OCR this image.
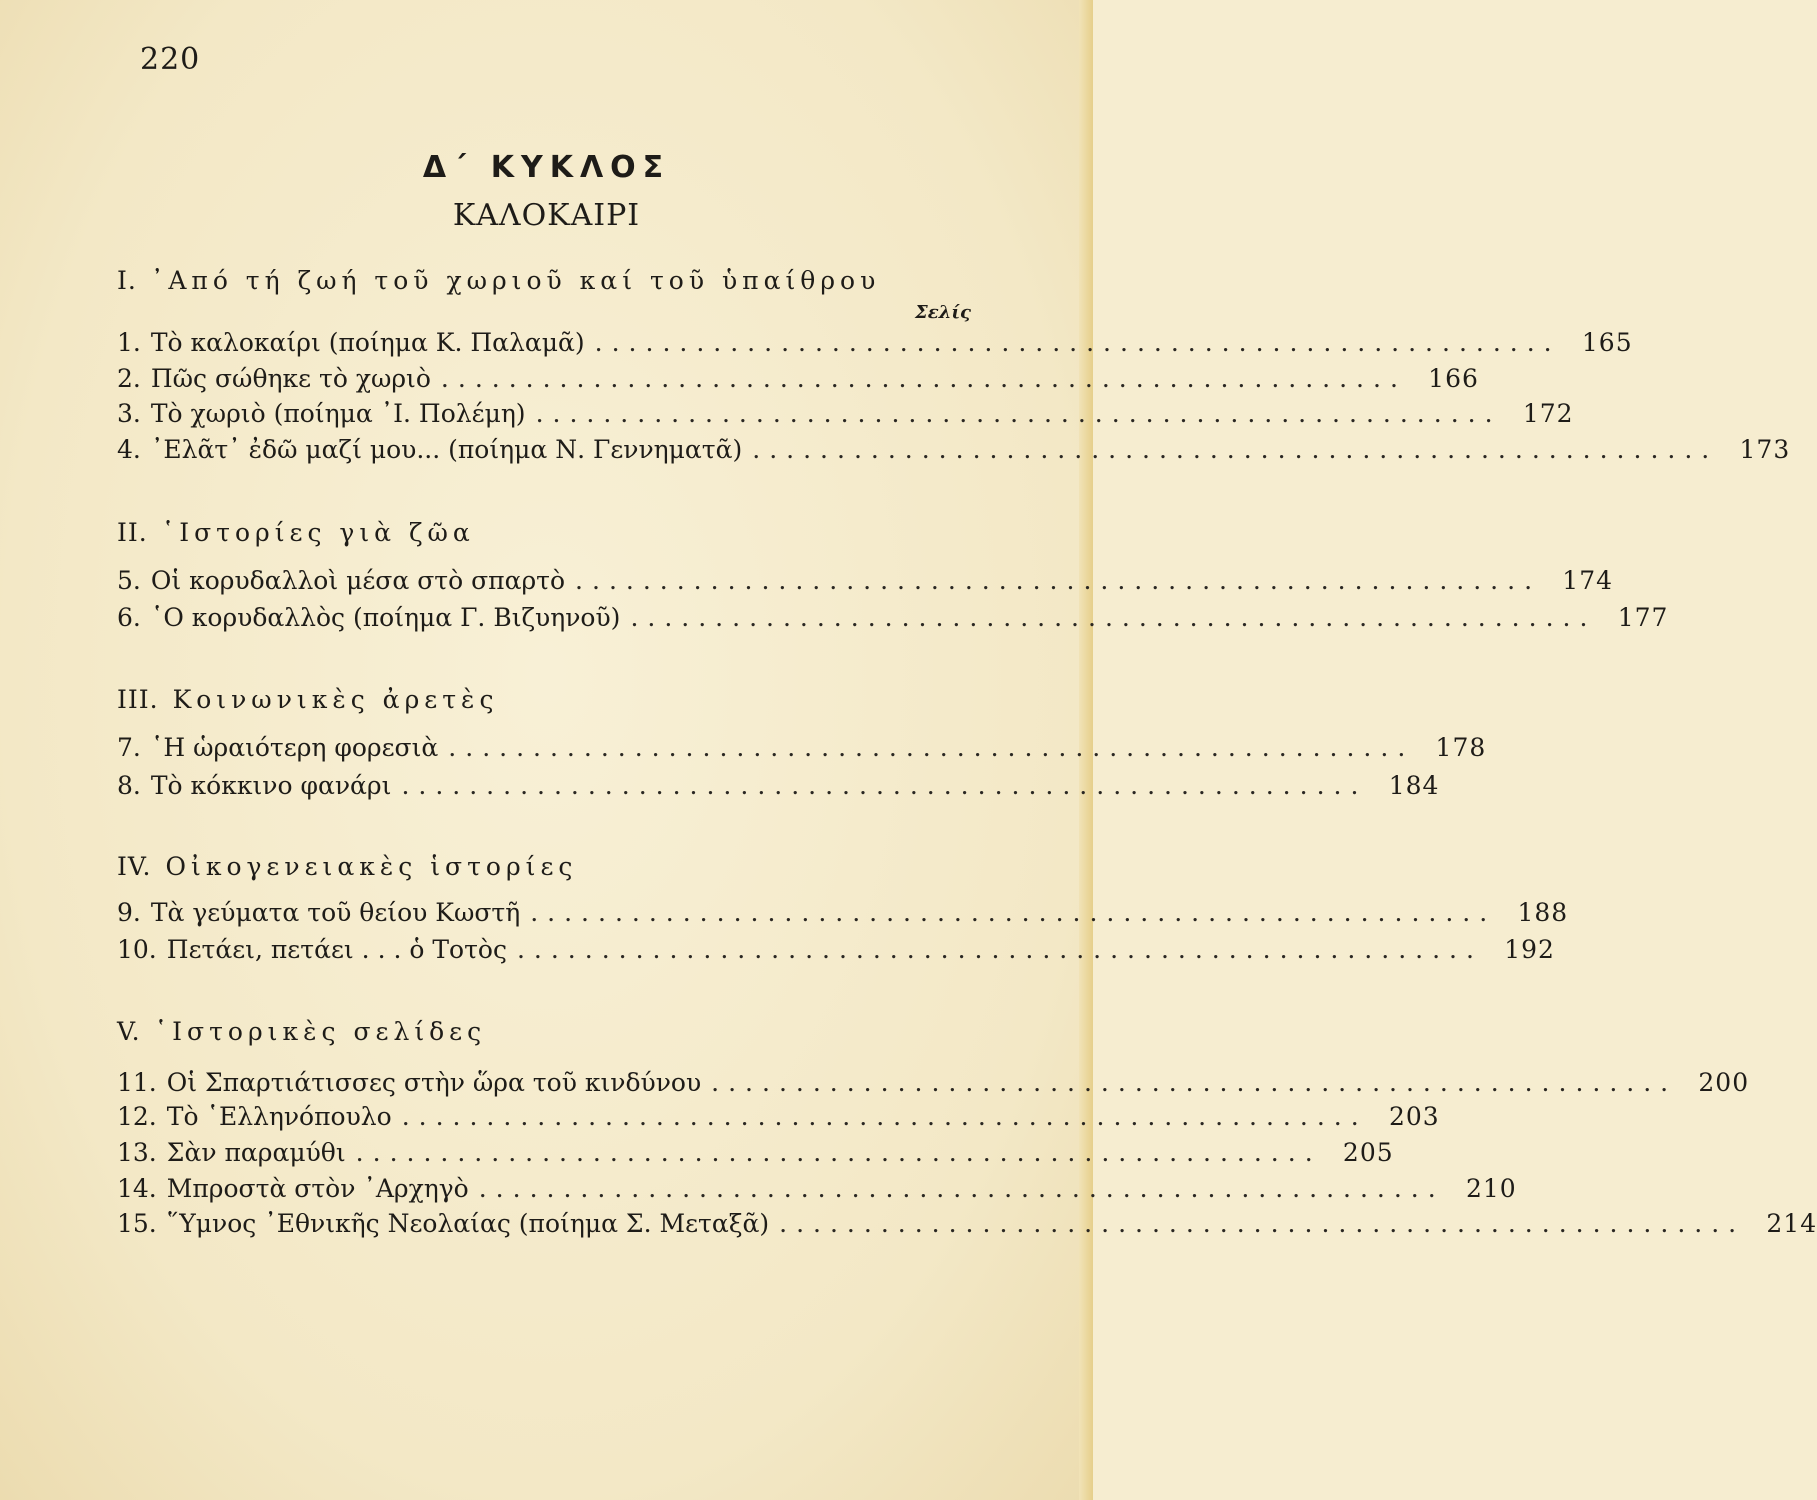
220
Δ΄ ΚΥΚΛΟΣ
ΚΑΛΟΚΑΙΡΙ
I. ᾿Από τή ζωή τοῦ χωριοῦ καί τοῦ ὑπαίθρου
Σελίς
1. Τὸ καλοκαίρι (ποίημα Κ. Παλαμᾶ) ......................................................... 165
2. Πῶς σώθηκε τὸ χωριὸ ......................................................... 166
3. Τὸ χωριὸ (ποίημα ᾿Ι. Πολέμη) ......................................................... 172
4. ᾿Ελᾶτ᾿ ἐδῶ μαζί μου... (ποίημα Ν. Γεννηματᾶ) ......................................................... 173
II. ῾Ιστορίες γιὰ ζῶα
5. Οἱ κορυδαλλοὶ μέσα στὸ σπαρτὸ ......................................................... 174
6. ῾Ο κορυδαλλὸς (ποίημα Γ. Βιζυηνοῦ) ......................................................... 177
III. Κοινωνικὲς ἀρετὲς
7. ῾Η ὡραιότερη φορεσιὰ ......................................................... 178
8. Τὸ κόκκινο φανάρι ......................................................... 184
IV. Οἰκογενειακὲς ἱστορίες
9. Τὰ γεύματα τοῦ θείου Κωστῆ ......................................................... 188
10. Πετάει, πετάει . . . ὁ Τοτὸς ......................................................... 192
V. ῾Ιστορικὲς σελίδες
11. Οἱ Σπαρτιάτισσες στὴν ὥρα τοῦ κινδύνου ......................................................... 200
12. Τὸ ῾Ελληνόπουλο ......................................................... 203
13. Σὰν παραμύθι ......................................................... 205
14. Μπροστὰ στὸν ᾿Αρχηγὸ ......................................................... 210
15. ῞Υμνος ᾿Εθνικῆς Νεολαίας (ποίημα Σ. Μεταξᾶ) ......................................................... 214
